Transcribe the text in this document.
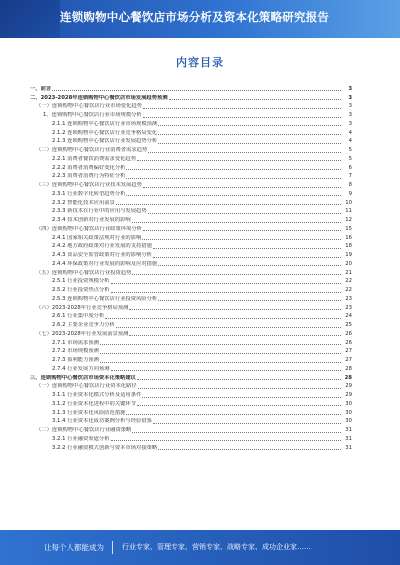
连锁购物中心餐饮店市场分析及资本化策略研究报告
内容目录
一、前言	3
二、2023-2028年连锁购物中心餐饮店市场发展趋势预测	3
（一）连锁购物中心餐饮店行业市场变化趋势	3
1、连锁购物中心餐饮店行业市场规模分析	3
2.1.1 连锁购物中心餐饮店行业市场规模预测	3
2.1.2 连锁购物中心餐饮店行业竞争格局变化	4
2.1.3 连锁购物中心餐饮店行业发展趋势分析	4
（二）连锁购物中心餐饮店行业消费者需求趋势	5
2.2.1 消费者餐饮消费需求变化趋势	5
2.2.2 消费者消费偏好变化分析	6
2.2.3 消费者消费行为特征分析	7
（三）连锁购物中心餐饮店行业技术发展趋势	8
2.3.1 行业数字化转型趋势分析	9
2.3.2 智能化技术应用前景	10
2.3.3 新技术在行业中的应用与发展趋势	11
2.3.4 技术创新对行业发展的影响	12
（四）连锁购物中心餐饮店行业政策环境分析	15
2.4.1 国家相关政策法规对行业的影响	16
2.4.2 地方政府政策对行业发展的支持措施	18
2.4.3 食品安全监管政策对行业的影响分析	19
2.4.4 环保政策对行业发展的影响及应对措施	20
（五）连锁购物中心餐饮店行业投资趋势	21
2.5.1 行业投资规模分析	22
2.5.2 行业投资热点分析	22
2.5.3 连锁购物中心餐饮店行业投资风险分析	23
（六）2023-2028年行业竞争格局预测	23
2.6.1 行业集中度分析	24
2.6.2 主要企业竞争力分析	25
（七）2023-2028年行业发展前景预测	26
2.7.1 市场需求预测	26
2.7.2 市场规模预测	27
2.7.3 盈利能力预测	27
2.7.4 行业发展方向预测	28
三、连锁购物中心餐饮店市场资本化策略建议	28
（一）连锁购物中心餐饮店行业资本化路径	29
3.1.1 行业资本化模式分析及适用条件	29
3.1.2 行业资本化进程中的关键环节	30
3.1.3 行业资本化风险防范措施	30
3.1.4 行业资本化成功案例分析与经验借鉴	30
（二）连锁购物中心餐饮店行业融资策略	31
3.2.1 行业融资渠道分析	31
3.2.2 行业融资模式创新与资本市场对接策略	31
让每个人都能成为	行业专家、管理专家、营销专家、战略专家、成功企业家……
